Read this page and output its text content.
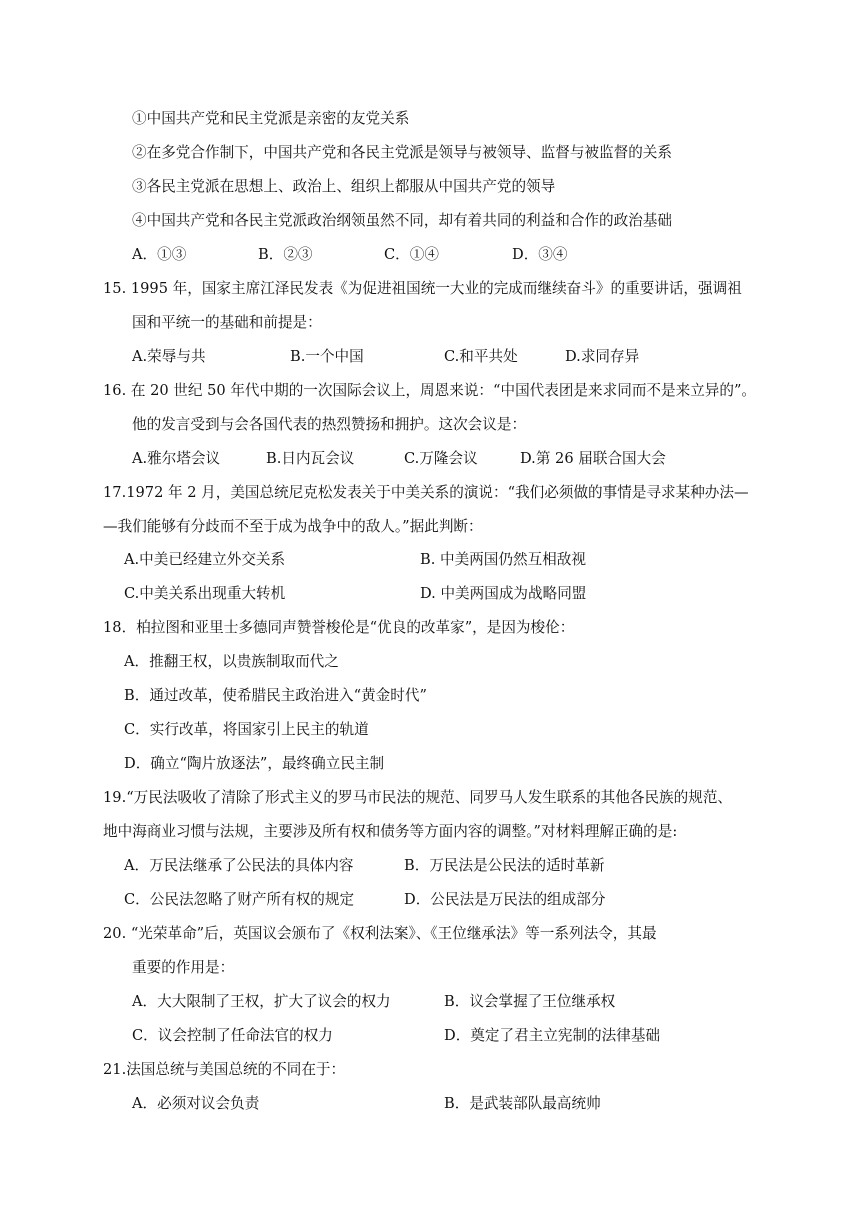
①中国共产党和民主党派是亲密的友党关系
②在多党合作制下，中国共产党和各民主党派是领导与被领导、监督与被监督的关系
③各民主党派在思想上、政治上、组织上都服从中国共产党的领导
④中国共产党和各民主党派政治纲领虽然不同，却有着共同的利益和合作的政治基础
A．①③	B．②③	C．①④	D．③④
15. 1995 年，国家主席江泽民发表《为促进祖国统一大业的完成而继续奋斗》的重要讲话，强调祖
国和平统一的基础和前提是：
A.荣辱与共	B.一个中国	C.和平共处	D.求同存异
16. 在 20 世纪 50 年代中期的一次国际会议上，周恩来说：“中国代表团是来求同而不是来立异的”。
他的发言受到与会各国代表的热烈赞扬和拥护。这次会议是：
A.雅尔塔会议	B.日内瓦会议	C.万隆会议	D.第 26 届联合国大会
17.1972 年 2 月，美国总统尼克松发表关于中美关系的演说：“我们必须做的事情是寻求某种办法—
—我们能够有分歧而不至于成为战争中的敌人。”据此判断：
A.中美已经建立外交关系	B. 中美两国仍然互相敌视
C.中美关系出现重大转机	D. 中美两国成为战略同盟
18．柏拉图和亚里士多德同声赞誉梭伦是“优良的改革家”，是因为梭伦：
A．推翻王权，以贵族制取而代之
B．通过改革，使希腊民主政治进入“黄金时代”
C．实行改革，将国家引上民主的轨道
D．确立“陶片放逐法”，最终确立民主制
19.“万民法吸收了清除了形式主义的罗马市民法的规范、同罗马人发生联系的其他各民族的规范、
地中海商业习惯与法规，主要涉及所有权和债务等方面内容的调整。”对材料理解正确的是:
A．万民法继承了公民法的具体内容	B．万民法是公民法的适时革新
C．公民法忽略了财产所有权的规定	D．公民法是万民法的组成部分
20. “光荣革命”后，英国议会颁布了《权利法案》、《王位继承法》等一系列法令，其最
重要的作用是：
A．大大限制了王权，扩大了议会的权力	B．议会掌握了王位继承权
C．议会控制了任命法官的权力	D．奠定了君主立宪制的法律基础
21.法国总统与美国总统的不同在于：
A．必须对议会负责	B．是武装部队最高统帅
